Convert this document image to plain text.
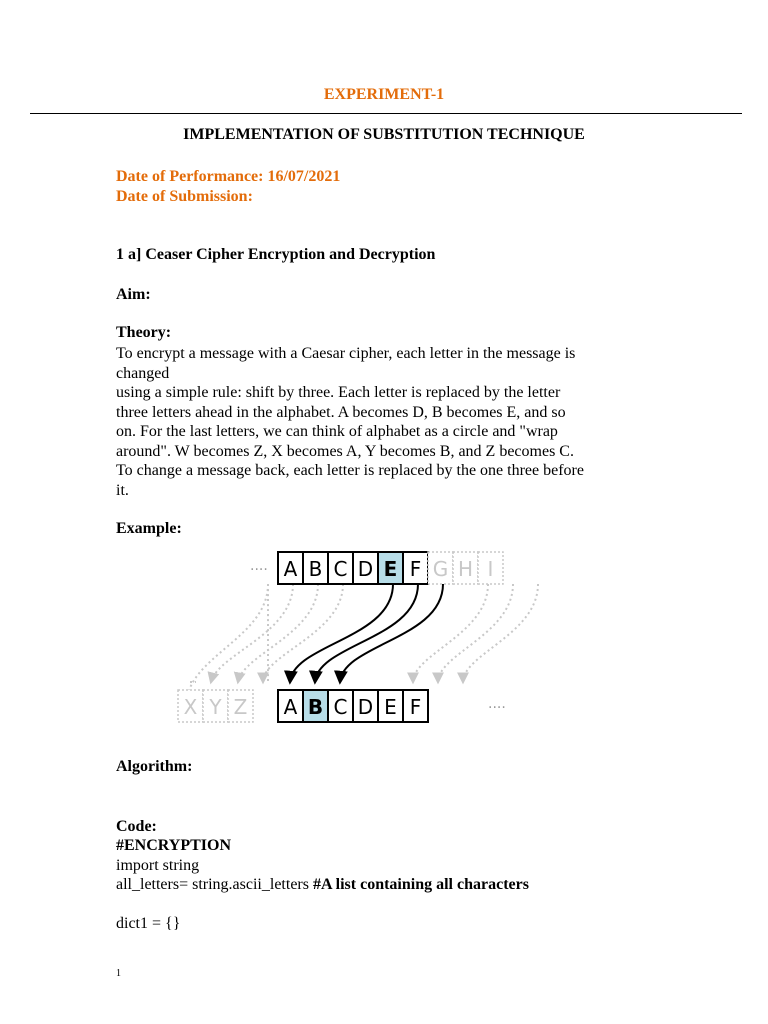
EXPERIMENT-1
IMPLEMENTATION OF SUBSTITUTION TECHNIQUE
Date of Performance: 16/07/2021
Date of Submission:
1 a] Ceaser Cipher Encryption and Decryption
Aim:
Theory:

To encrypt a message with a Caesar cipher, each letter in the message is

changed

using a simple rule: shift by three. Each letter is replaced by the letter

three letters ahead in the alphabet. A becomes D, B becomes E, and so

on. For the last letters, we can think of alphabet as a circle and "wrap

around". W becomes Z, X becomes A, Y becomes B, and Z becomes C.

To change a message back, each letter is replaced by the one three before

it.

Example:
···· A B C D E F G H I
X Y Z A B C D E F	····
Algorithm:
Code:
#ENCRYPTION
import string
all_letters= string.ascii_letters #A list containing all characters
dict1 = {}
1
